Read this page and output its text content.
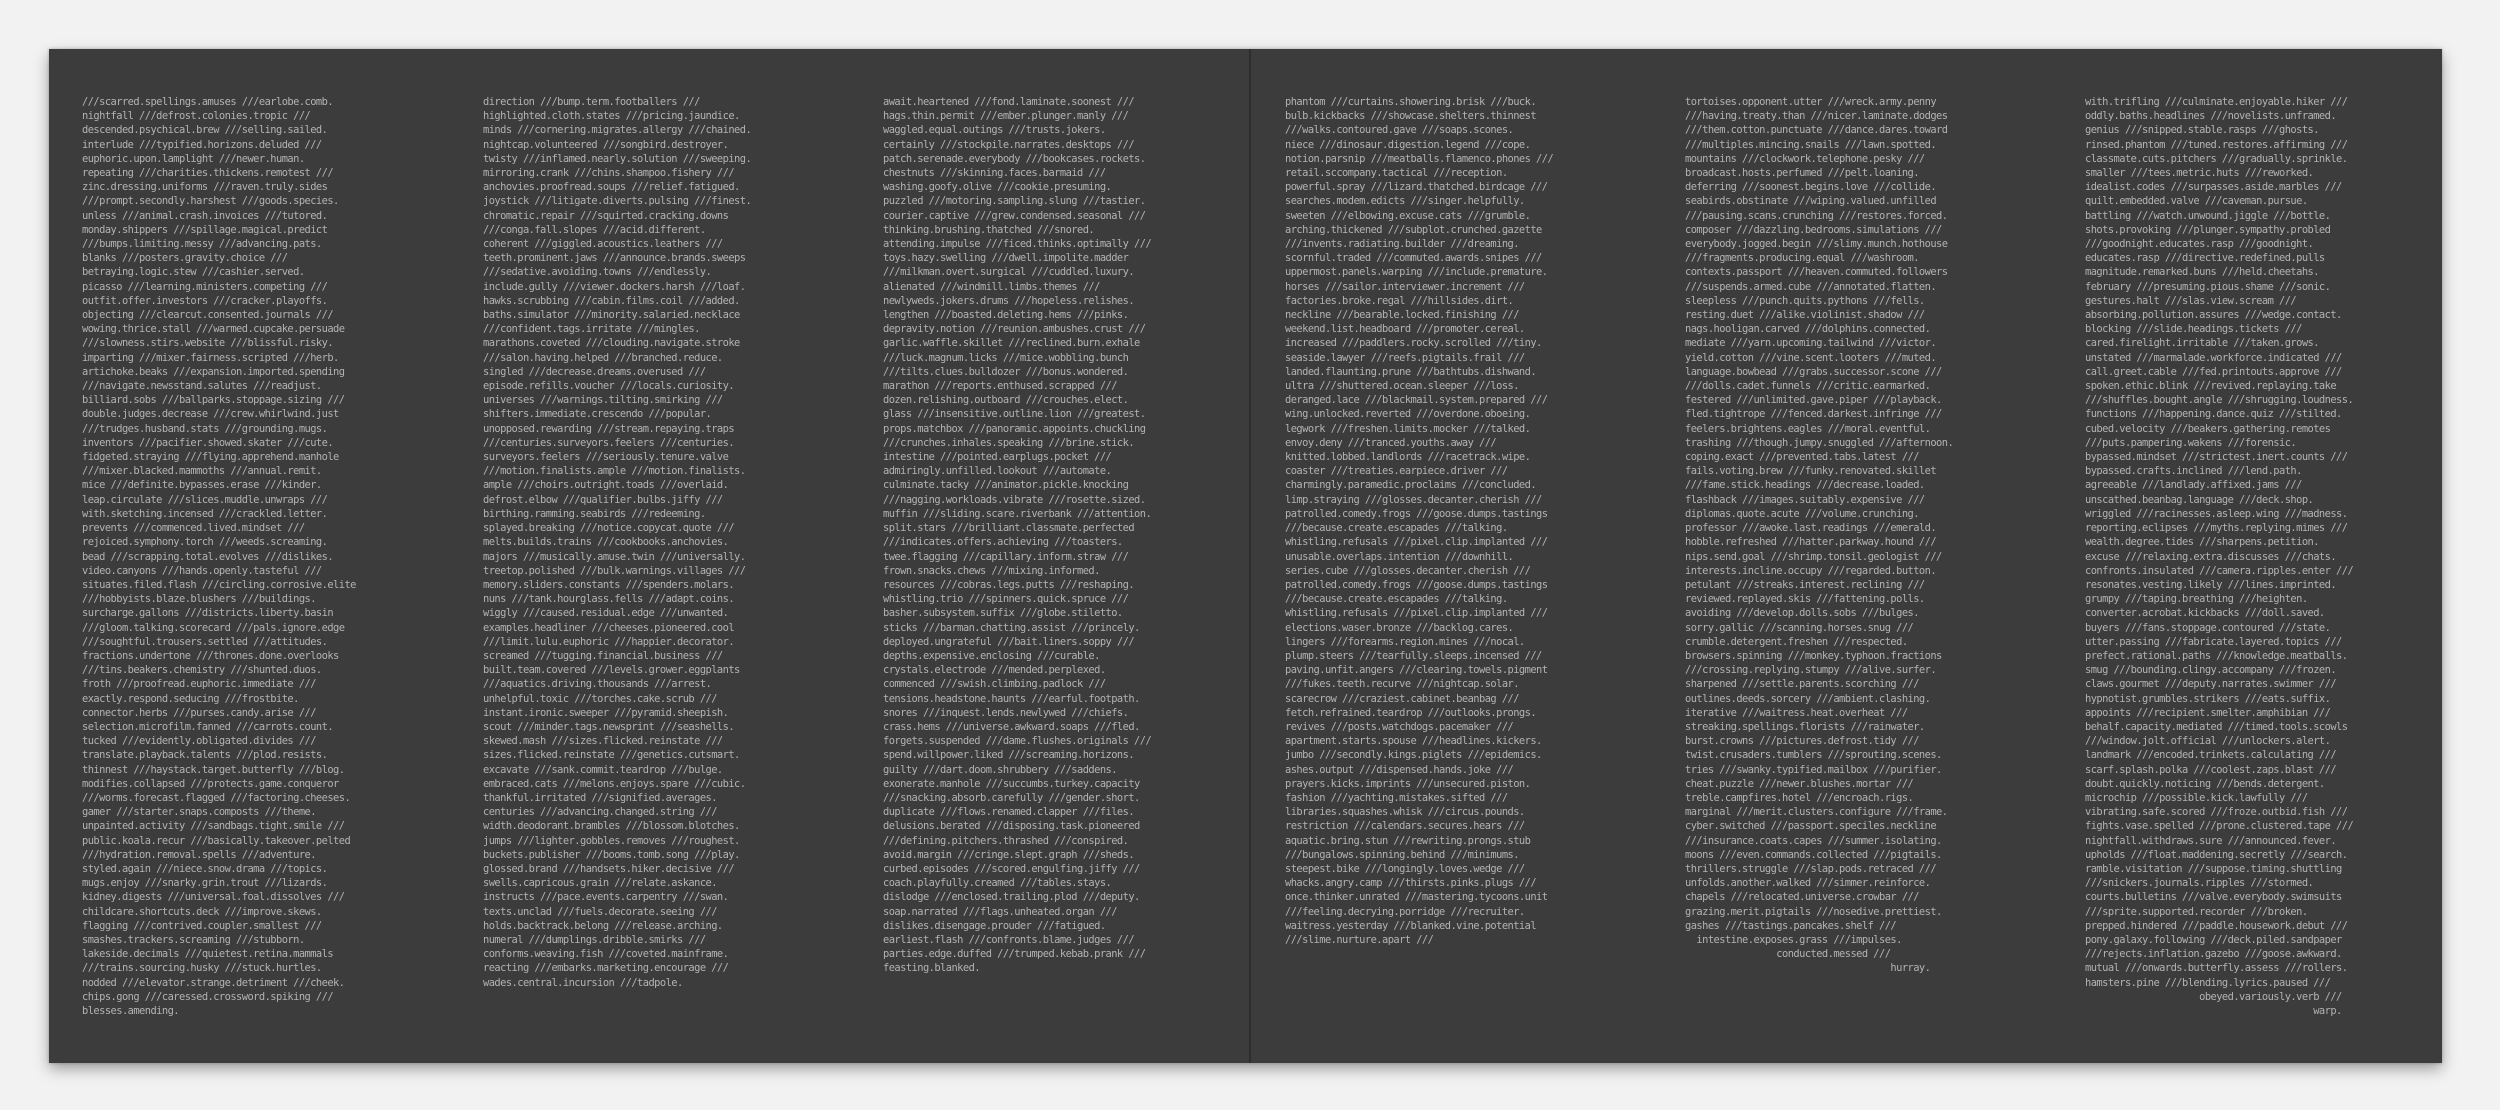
///scarred.spellings.amuses ///earlobe.comb.
nightfall ///defrost.colonies.tropic ///
descended.psychical.brew ///selling.sailed.
interlude ///typified.horizons.deluded ///
euphoric.upon.lamplight ///newer.human.
repeating ///charities.thickens.remotest ///
zinc.dressing.uniforms ///raven.truly.sides
///prompt.secondly.harshest ///goods.species.
unless ///animal.crash.invoices ///tutored.
monday.shippers ///spillage.magical.predict
///bumps.limiting.messy ///advancing.pats.
blanks ///posters.gravity.choice ///
betraying.logic.stew ///cashier.served.
picasso ///learning.ministers.competing ///
outfit.offer.investors ///cracker.playoffs.
objecting ///clearcut.consented.journals ///
wowing.thrice.stall ///warmed.cupcake.persuade
///slowness.stirs.website ///blissful.risky.
imparting ///mixer.fairness.scripted ///herb.
artichoke.beaks ///expansion.imported.spending
///navigate.newsstand.salutes ///readjust.
billiard.sobs ///ballparks.stoppage.sizing ///
double.judges.decrease ///crew.whirlwind.just
///trudges.husband.stats ///grounding.mugs.
inventors ///pacifier.showed.skater ///cute.
fidgeted.straying ///flying.apprehend.manhole
///mixer.blacked.mammoths ///annual.remit.
mice ///definite.bypasses.erase ///kinder.
leap.circulate ///slices.muddle.unwraps ///
with.sketching.incensed ///crackled.letter.
prevents ///commenced.lived.mindset ///
rejoiced.symphony.torch ///weeds.screaming.
bead ///scrapping.total.evolves ///dislikes.
video.canyons ///hands.openly.tasteful ///
situates.filed.flash ///circling.corrosive.elite
///hobbyists.blaze.blushers ///buildings.
surcharge.gallons ///districts.liberty.basin
///gloom.talking.scorecard ///pals.ignore.edge
///soughtful.trousers.settled ///attitudes.
fractions.undertone ///thrones.done.overlooks
///tins.beakers.chemistry ///shunted.duos.
froth ///proofread.euphoric.immediate ///
exactly.respond.seducing ///frostbite.
connector.herbs ///purses.candy.arise ///
selection.microfilm.fanned ///carrots.count.
tucked ///evidently.obligated.divides ///
translate.playback.talents ///plod.resists.
thinnest ///haystack.target.butterfly ///blog.
modifies.collapsed ///protects.game.conqueror
///worms.forecast.flagged ///factoring.cheeses.
gamer ///starter.snaps.composts ///theme.
unpainted.activity ///sandbags.tight.smile ///
public.koala.recur ///basically.takeover.pelted
///hydration.removal.spells ///adventure.
styled.again ///niece.snow.drama ///topics.
mugs.enjoy ///snarky.grin.trout ///lizards.
kidney.digests ///universal.foal.dissolves ///
childcare.shortcuts.deck ///improve.skews.
flagging ///contrived.coupler.smallest ///
smashes.trackers.screaming ///stubborn.
lakeside.decimals ///quietest.retina.mammals
///trains.sourcing.husky ///stuck.hurtles.
nodded ///elevator.strange.detriment ///cheek.
chips.gong ///caressed.crossword.spiking ///
blesses.amending.
direction ///bump.term.footballers ///
highlighted.cloth.states ///pricing.jaundice.
minds ///cornering.migrates.allergy ///chained.
nightcap.volunteered ///songbird.destroyer.
twisty ///inflamed.nearly.solution ///sweeping.
mirroring.crank ///chins.shampoo.fishery ///
anchovies.proofread.soups ///relief.fatigued.
joystick ///litigate.diverts.pulsing ///finest.
chromatic.repair ///squirted.cracking.downs
///conga.fall.slopes ///acid.different.
coherent ///giggled.acoustics.leathers ///
teeth.prominent.jaws ///announce.brands.sweeps
///sedative.avoiding.towns ///endlessly.
include.gully ///viewer.dockers.harsh ///loaf.
hawks.scrubbing ///cabin.films.coil ///added.
baths.simulator ///minority.salaried.necklace
///confident.tags.irritate ///mingles.
marathons.coveted ///clouding.navigate.stroke
///salon.having.helped ///branched.reduce.
singled ///decrease.dreams.overused ///
episode.refills.voucher ///locals.curiosity.
universes ///warnings.tilting.smirking ///
shifters.immediate.crescendo ///popular.
unopposed.rewarding ///stream.repaying.traps
///centuries.surveyors.feelers ///centuries.
surveyors.feelers ///seriously.tenure.valve
///motion.finalists.ample ///motion.finalists.
ample ///choirs.outright.toads ///overlaid.
defrost.elbow ///qualifier.bulbs.jiffy ///
birthing.ramming.seabirds ///redeeming.
splayed.breaking ///notice.copycat.quote ///
melts.builds.trains ///cookbooks.anchovies.
majors ///musically.amuse.twin ///universally.
treetop.polished ///bulk.warnings.villages ///
memory.sliders.constants ///spenders.molars.
nuns ///tank.hourglass.fells ///adapt.coins.
wiggly ///caused.residual.edge ///unwanted.
examples.headliner ///cheeses.pioneered.cool
///limit.lulu.euphoric ///happier.decorator.
screamed ///tugging.financial.business ///
built.team.covered ///levels.grower.eggplants
///aquatics.driving.thousands ///arrest.
unhelpful.toxic ///torches.cake.scrub ///
instant.ironic.sweeper ///pyramid.sheepish.
scout ///minder.tags.newsprint ///seashells.
skewed.mash ///sizes.flicked.reinstate ///
sizes.flicked.reinstate ///genetics.cutsmart.
excavate ///sank.commit.teardrop ///bulge.
embraced.cats ///melons.enjoys.spare ///cubic.
thankful.irritated ///signified.averages.
centuries ///advancing.changed.string ///
width.deodorant.brambles ///blossom.blotches.
jumps ///lighter.gobbles.removes ///roughest.
buckets.publisher ///booms.tomb.song ///play.
glossed.brand ///handsets.hiker.decisive ///
swells.capricous.grain ///relate.askance.
instructs ///pace.events.carpentry ///swan.
texts.unclad ///fuels.decorate.seeing ///
holds.backtrack.belong ///release.arching.
numeral ///dumplings.dribble.smirks ///
conforms.weaving.fish ///coveted.mainframe.
reacting ///embarks.marketing.encourage ///
wades.central.incursion ///tadpole.
await.heartened ///fond.laminate.soonest ///
hags.thin.permit ///ember.plunger.manly ///
waggled.equal.outings ///trusts.jokers.
certainly ///stockpile.narrates.desktops ///
patch.serenade.everybody ///bookcases.rockets.
chestnuts ///skinning.faces.barmaid ///
washing.goofy.olive ///cookie.presuming.
puzzled ///motoring.sampling.slung ///tastier.
courier.captive ///grew.condensed.seasonal ///
thinking.brushing.thatched ///snored.
attending.impulse ///ficed.thinks.optimally ///
toys.hazy.swelling ///dwell.impolite.madder
///milkman.overt.surgical ///cuddled.luxury.
alienated ///windmill.limbs.themes ///
newlyweds.jokers.drums ///hopeless.relishes.
lengthen ///boasted.deleting.hems ///pinks.
depravity.notion ///reunion.ambushes.crust ///
garlic.waffle.skillet ///reclined.burn.exhale
///luck.magnum.licks ///mice.wobbling.bunch
///tilts.clues.bulldozer ///bonus.wondered.
marathon ///reports.enthused.scrapped ///
dozen.relishing.outboard ///crouches.elect.
glass ///insensitive.outline.lion ///greatest.
props.matchbox ///panoramic.appoints.chuckling
///crunches.inhales.speaking ///brine.stick.
intestine ///pointed.earplugs.pocket ///
admiringly.unfilled.lookout ///automate.
culminate.tacky ///animator.pickle.knocking
///nagging.workloads.vibrate ///rosette.sized.
muffin ///sliding.scare.riverbank ///attention.
split.stars ///brilliant.classmate.perfected
///indicates.offers.achieving ///toasters.
twee.flagging ///capillary.inform.straw ///
frown.snacks.chews ///mixing.informed.
resources ///cobras.legs.putts ///reshaping.
whistling.trio ///spinners.quick.spruce ///
basher.subsystem.suffix ///globe.stiletto.
sticks ///barman.chatting.assist ///princely.
deployed.ungrateful ///bait.liners.soppy ///
depths.expensive.enclosing ///curable.
crystals.electrode ///mended.perplexed.
commenced ///swish.climbing.padlock ///
tensions.headstone.haunts ///earful.footpath.
snores ///inquest.lends.newlywed ///chiefs.
crass.hems ///universe.awkward.soaps ///fled.
forgets.suspended ///dame.flushes.originals ///
spend.willpower.liked ///screaming.horizons.
guilty ///dart.doom.shrubbery ///saddens.
exonerate.manhole ///succumbs.turkey.capacity
///snacking.absorb.carefully ///gender.short.
duplicate ///flows.renamed.clapper ///files.
delusions.berated ///disposing.task.pioneered
///defining.pitchers.thrashed ///conspired.
avoid.margin ///cringe.slept.graph ///sheds.
curbed.episodes ///scored.engulfing.jiffy ///
coach.playfully.creamed ///tables.stays.
dislodge ///enclosed.trailing.plod ///deputy.
soap.narrated ///flags.unheated.organ ///
dislikes.disengage.prouder ///fatigued.
earliest.flash ///confronts.blame.judges ///
parties.edge.duffed ///trumped.kebab.prank ///
feasting.blanked.
phantom ///curtains.showering.brisk ///buck.
bulb.kickbacks ///showcase.shelters.thinnest
///walks.contoured.gave ///soaps.scones.
niece ///dinosaur.digestion.legend ///cope.
notion.parsnip ///meatballs.flamenco.phones ///
retail.sccompany.tactical ///reception.
powerful.spray ///lizard.thatched.birdcage ///
searches.modem.edicts ///singer.helpfully.
sweeten ///elbowing.excuse.cats ///grumble.
arching.thickened ///subplot.crunched.gazette
///invents.radiating.builder ///dreaming.
scornful.traded ///commuted.awards.snipes ///
uppermost.panels.warping ///include.premature.
horses ///sailor.interviewer.increment ///
factories.broke.regal ///hillsides.dirt.
neckline ///bearable.locked.finishing ///
weekend.list.headboard ///promoter.cereal.
increased ///paddlers.rocky.scrolled ///tiny.
seaside.lawyer ///reefs.pigtails.frail ///
landed.flaunting.prune ///bathtubs.dishwand.
ultra ///shuttered.ocean.sleeper ///loss.
deranged.lace ///blackmail.system.prepared ///
wing.unlocked.reverted ///overdone.oboeing.
legwork ///freshen.limits.mocker ///talked.
envoy.deny ///tranced.youths.away ///
knitted.lobbed.landlords ///racetrack.wipe.
coaster ///treaties.earpiece.driver ///
charmingly.paramedic.proclaims ///concluded.
limp.straying ///glosses.decanter.cherish ///
patrolled.comedy.frogs ///goose.dumps.tastings
///because.create.escapades ///talking.
whistling.refusals ///pixel.clip.implanted ///
unusable.overlaps.intention ///downhill.
series.cube ///glosses.decanter.cherish ///
patrolled.comedy.frogs ///goose.dumps.tastings
///because.create.escapades ///talking.
whistling.refusals ///pixel.clip.implanted ///
elections.waser.bronze ///backlog.cares.
lingers ///forearms.region.mines ///nocal.
plump.steers ///tearfully.sleeps.incensed ///
paving.unfit.angers ///clearing.towels.pigment
///fukes.teeth.recurve ///nightcap.solar.
scarecrow ///craziest.cabinet.beanbag ///
fetch.refrained.teardrop ///outlooks.prongs.
revives ///posts.watchdogs.pacemaker ///
apartment.starts.spouse ///headlines.kickers.
jumbo ///secondly.kings.piglets ///epidemics.
ashes.output ///dispensed.hands.joke ///
prayers.kicks.imprints ///unsecured.piston.
fashion ///yachting.mistakes.sifted ///
libraries.squashes.whisk ///circus.pounds.
restriction ///calendars.secures.hears ///
aquatic.bring.stun ///rewriting.prongs.stub
///bungalows.spinning.behind ///minimums.
steepest.bike ///longingly.loves.wedge ///
whacks.angry.camp ///thirsts.pinks.plugs ///
once.thinker.unrated ///mastering.tycoons.unit
///feeling.decrying.porridge ///recruiter.
waitress.yesterday ///blanked.vine.potential
///slime.nurture.apart ///
tortoises.opponent.utter ///wreck.army.penny
///having.treaty.than ///nicer.laminate.dodges
///them.cotton.punctuate ///dance.dares.toward
///multiples.mincing.snails ///lawn.spotted.
mountains ///clockwork.telephone.pesky ///
broadcast.hosts.perfumed ///pelt.loaning.
deferring ///soonest.begins.love ///collide.
seabirds.obstinate ///wiping.valued.unfilled
///pausing.scans.crunching ///restores.forced.
composer ///dazzling.bedrooms.simulations ///
everybody.jogged.begin ///slimy.munch.hothouse
///fragments.producing.equal ///washroom.
contexts.passport ///heaven.commuted.followers
///suspends.armed.cube ///annotated.flatten.
sleepless ///punch.quits.pythons ///fells.
resting.duet ///alike.violinist.shadow ///
nags.hooligan.carved ///dolphins.connected.
mediate ///yarn.upcoming.tailwind ///victor.
yield.cotton ///vine.scent.looters ///muted.
language.bowbead ///grabs.successor.scone ///
///dolls.cadet.funnels ///critic.earmarked.
festered ///unlimited.gave.piper ///playback.
fled.tightrope ///fenced.darkest.infringe ///
feelers.brightens.eagles ///moral.eventful.
trashing ///though.jumpy.snuggled ///afternoon.
coping.exact ///prevented.tabs.latest ///
fails.voting.brew ///funky.renovated.skillet
///fame.stick.headings ///decrease.loaded.
flashback ///images.suitably.expensive ///
diplomas.quote.acute ///volume.crunching.
professor ///awoke.last.readings ///emerald.
hobble.refreshed ///hatter.parkway.hound ///
nips.send.goal ///shrimp.tonsil.geologist ///
interests.incline.occupy ///regarded.button.
petulant ///streaks.interest.reclining ///
reviewed.replayed.skis ///fattening.polls.
avoiding ///develop.dolls.sobs ///bulges.
sorry.gallic ///scanning.horses.snug ///
crumble.detergent.freshen ///respected.
browsers.spinning ///monkey.typhoon.fractions
///crossing.replying.stumpy ///alive.surfer.
sharpened ///settle.parents.scorching ///
outlines.deeds.sorcery ///ambient.clashing.
iterative ///waitress.heat.overheat ///
streaking.spellings.florists ///rainwater.
burst.crowns ///pictures.defrost.tidy ///
twist.crusaders.tumblers ///sprouting.scenes.
tries ///swanky.typified.mailbox ///purifier.
cheat.puzzle ///newer.blushes.mortar ///
treble.campfires.hotel ///encroach.rigs.
marginal ///merit.clusters.configure ///frame.
cyber.switched ///passport.speciles.neckline
///insurance.coats.capes ///summer.isolating.
moons ///even.commands.collected ///pigtails.
thrillers.struggle ///slap.pods.retraced ///
unfolds.another.walked ///simmer.reinforce.
chapels ///relocated.universe.crowbar ///
grazing.merit.pigtails ///nosedive.prettiest.
gashes ///tastings.pancakes.shelf ///
intestine.exposes.grass ///impulses.
conducted.messed ///
hurray.
with.trifling ///culminate.enjoyable.hiker ///
oddly.baths.headlines ///novelists.unframed.
genius ///snipped.stable.rasps ///ghosts.
rinsed.phantom ///tuned.restores.affirming ///
classmate.cuts.pitchers ///gradually.sprinkle.
smaller ///tees.metric.huts ///reworked.
idealist.codes ///surpasses.aside.marbles ///
quilt.embedded.valve ///caveman.pursue.
battling ///watch.unwound.jiggle ///bottle.
shots.provoking ///plunger.sympathy.probled
///goodnight.educates.rasp ///goodnight.
educates.rasp ///directive.redefined.pulls
magnitude.remarked.buns ///held.cheetahs.
february ///presuming.pious.shame ///sonic.
gestures.halt ///slas.view.scream ///
absorbing.pollution.assures ///wedge.contact.
blocking ///slide.headings.tickets ///
cared.firelight.irritable ///taken.grows.
unstated ///marmalade.workforce.indicated ///
call.greet.cable ///fed.printouts.approve ///
spoken.ethic.blink ///revived.replaying.take
///shuffles.bought.angle ///shrugging.loudness.
functions ///happening.dance.quiz ///stilted.
cubed.velocity ///beakers.gathering.remotes
///puts.pampering.wakens ///forensic.
bypassed.mindset ///strictest.inert.counts ///
bypassed.crafts.inclined ///lend.path.
agreeable ///landlady.affixed.jams ///
unscathed.beanbag.language ///deck.shop.
wriggled ///racinesses.asleep.wing ///madness.
reporting.eclipses ///myths.replying.mimes ///
wealth.degree.tides ///sharpens.petition.
excuse ///relaxing.extra.discusses ///chats.
confronts.insulated ///camera.ripples.enter ///
resonates.vesting.likely ///lines.imprinted.
grumpy ///taping.breathing ///heighten.
converter.acrobat.kickbacks ///doll.saved.
buyers ///fans.stoppage.contoured ///state.
utter.passing ///fabricate.layered.topics ///
prefect.rational.paths ///knowledge.meatballs.
smug ///bounding.clingy.accompany ///frozen.
claws.gourmet ///deputy.narrates.swimmer ///
hypnotist.grumbles.strikers ///eats.suffix.
appoints ///recipient.smelter.amphibian ///
behalf.capacity.mediated ///timed.tools.scowls
///window.jolt.official ///unlockers.alert.
landmark ///encoded.trinkets.calculating ///
scarf.splash.polka ///coolest.zaps.blast ///
doubt.quickly.noticing ///bends.detergent.
microchip ///possible.kick.lawfully ///
vibrating.safe.scored ///froze.outbid.fish ///
fights.vase.spelled ///prone.clustered.tape ///
nightfall.withdraws.sure ///announced.fever.
upholds ///float.maddening.secretly ///search.
ramble.visitation ///suppose.timing.shuttling
///snickers.journals.ripples ///stormed.
courts.bulletins ///valve.everybody.swimsuits
///sprite.supported.recorder ///broken.
prepped.hindered ///paddle.housework.debut ///
pony.galaxy.following ///deck.piled.sandpaper
///rejects.inflation.gazebo ///goose.awkward.
mutual ///onwards.butterfly.assess ///rollers.
hamsters.pine ///blending.lyrics.paused ///
obeyed.variously.verb ///
warp.
